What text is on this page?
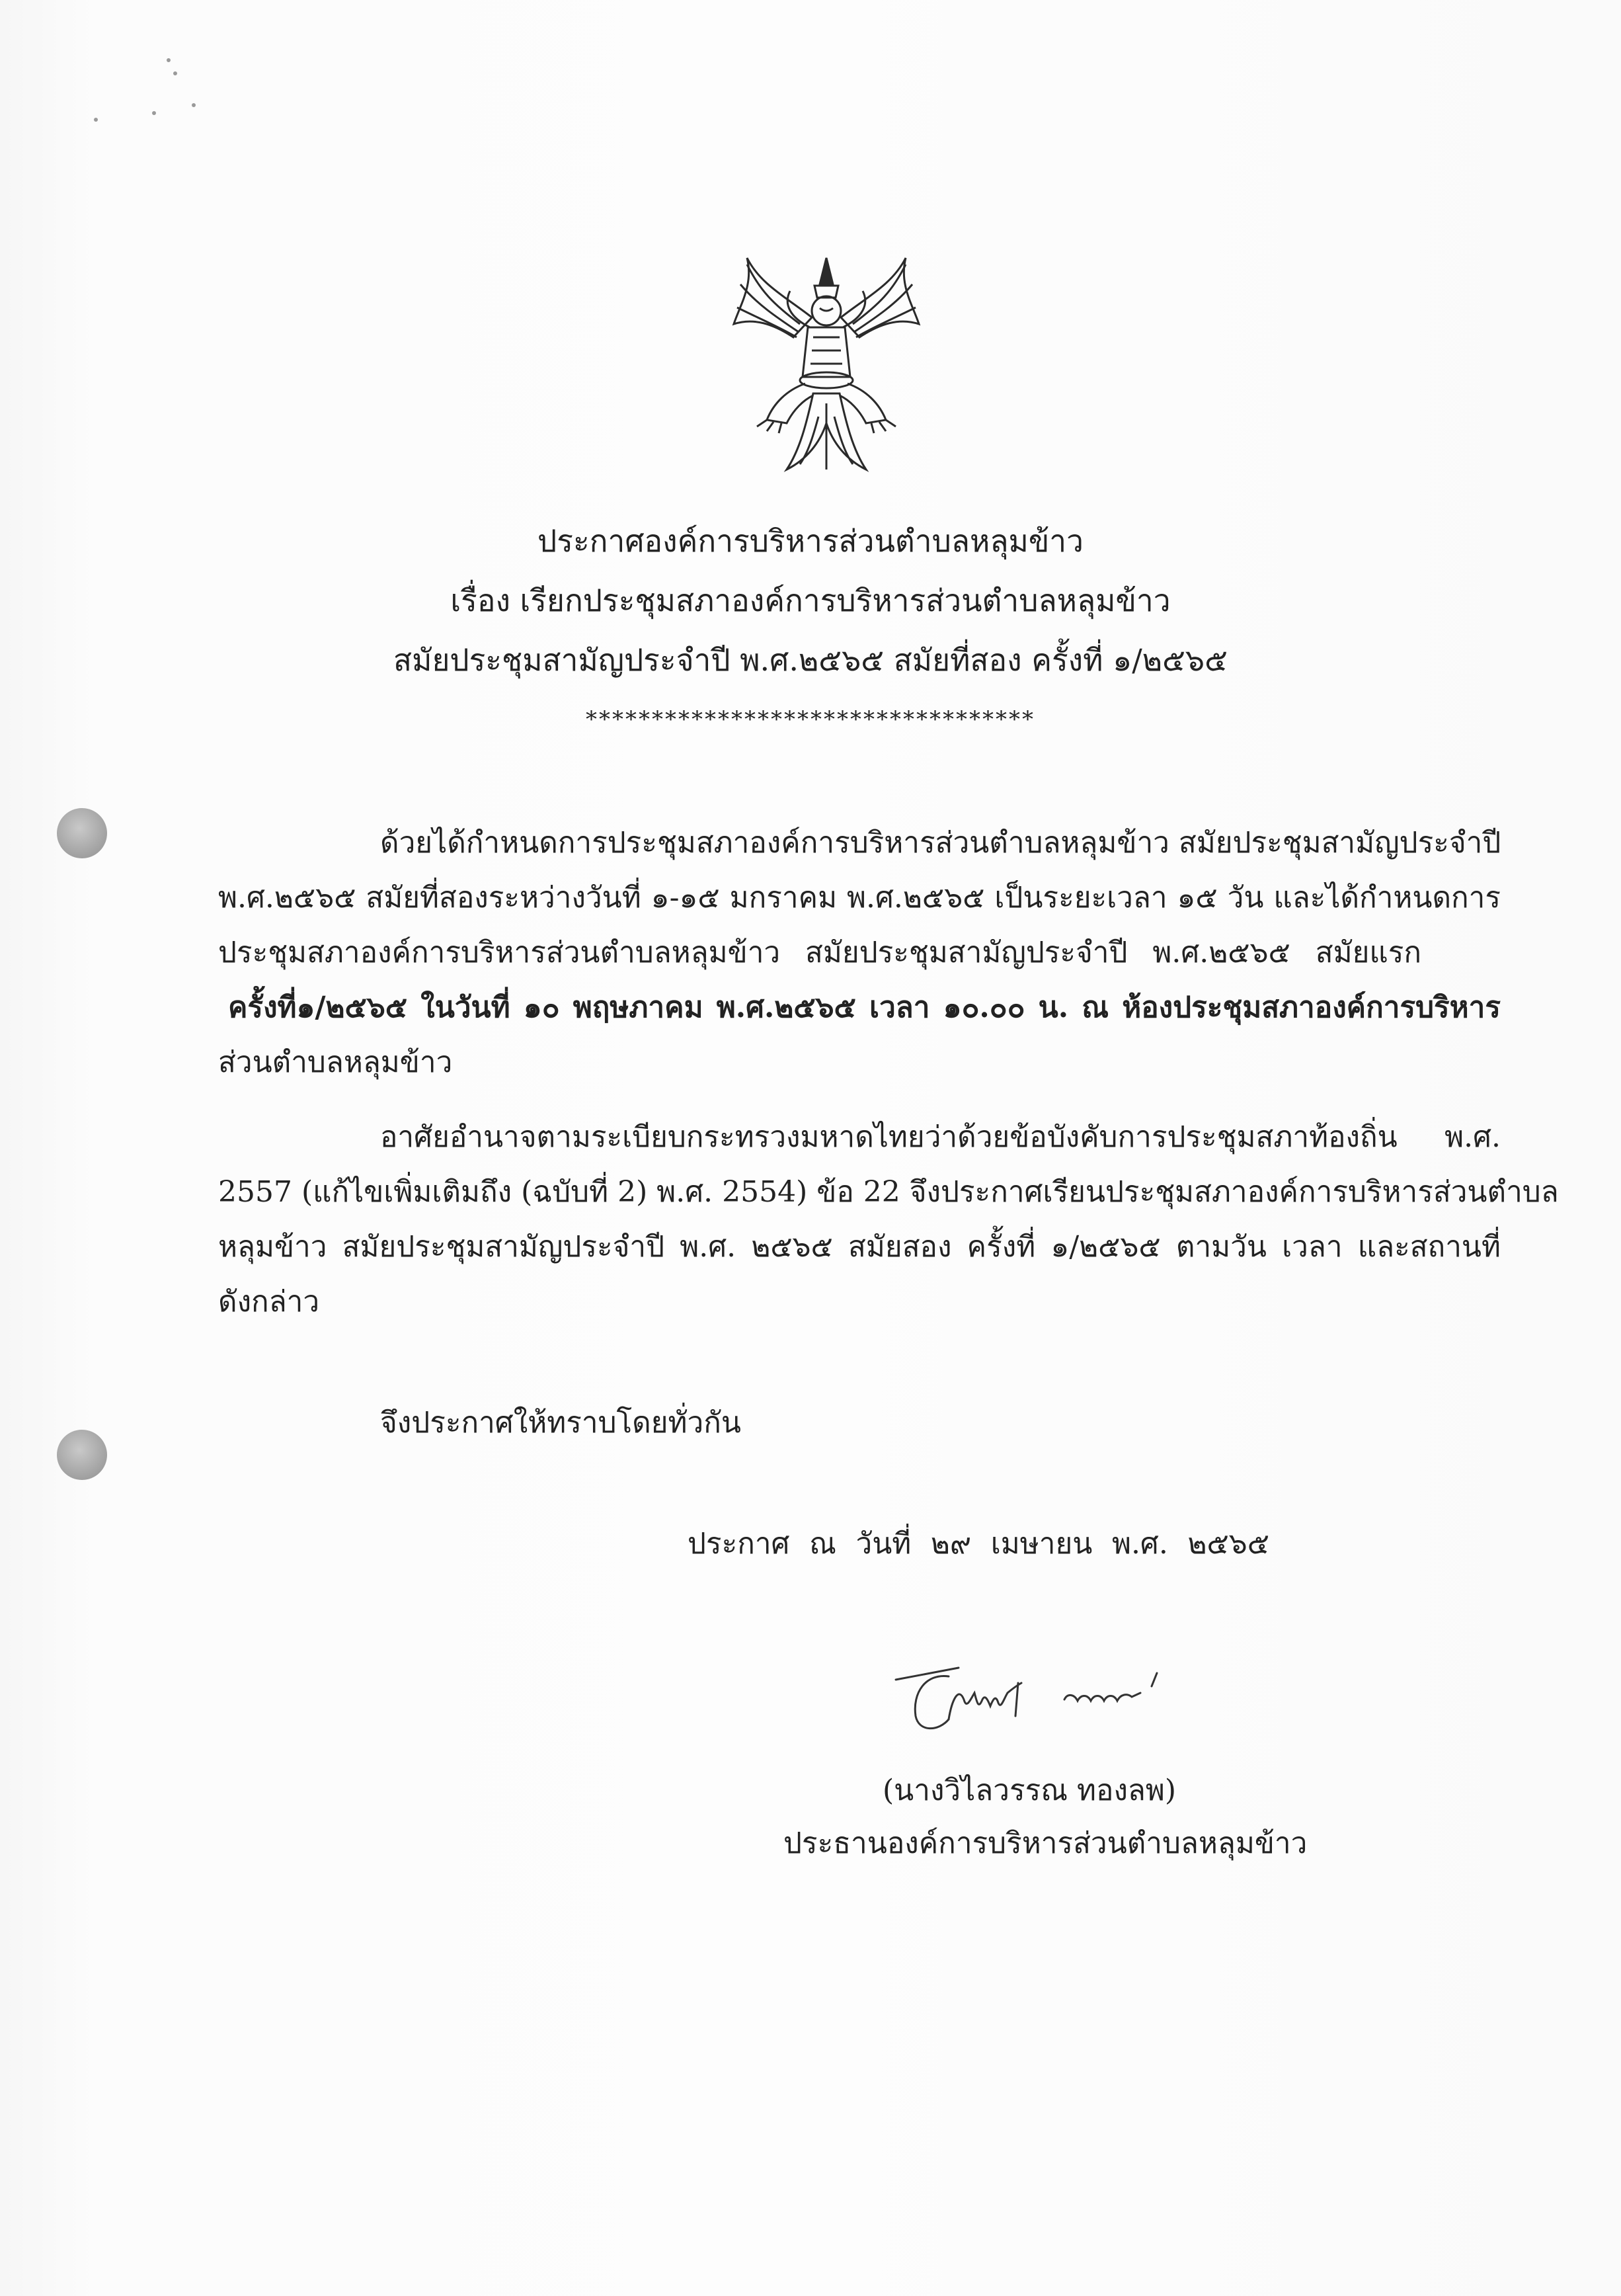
ประกาศองค์การบริหารส่วนตำบลหลุมข้าว
เรื่อง เรียกประชุมสภาองค์การบริหารส่วนตำบลหลุมข้าว
สมัยประชุมสามัญประจำปี พ.ศ.๒๕๖๕ สมัยที่สอง ครั้งที่ ๑/๒๕๖๕
**********************************
ด้วยได้กำหนดการประชุมสภาองค์การบริหารส่วนตำบลหลุมข้าว สมัยประชุมสามัญประจำปี
พ.ศ.๒๕๖๕ สมัยที่สองระหว่างวันที่ ๑-๑๕ มกราคม พ.ศ.๒๕๖๕ เป็นระยะเวลา ๑๕ วัน และได้กำหนดการ
ประชุมสภาองค์การบริหารส่วนตำบลหลุมข้าว สมัยประชุมสามัญประจำปี พ.ศ.๒๕๖๕ สมัยแรก
ครั้งที่๑/๒๕๖๕ ในวันที่ ๑๐ พฤษภาคม พ.ศ.๒๕๖๕ เวลา ๑๐.๐๐ น. ณ ห้องประชุมสภาองค์การบริหาร
ส่วนตำบลหลุมข้าว
อาศัยอำนาจตามระเบียบกระทรวงมหาดไทยว่าด้วยข้อบังคับการประชุมสภาท้องถิ่น พ.ศ.
2557 (แก้ไขเพิ่มเติมถึง (ฉบับที่ 2) พ.ศ. 2554) ข้อ 22 จึงประกาศเรียนประชุมสภาองค์การบริหารส่วนตำบล
หลุมข้าว สมัยประชุมสามัญประจำปี พ.ศ. ๒๕๖๕ สมัยสอง ครั้งที่ ๑/๒๕๖๕ ตามวัน เวลา และสถานที่
ดังกล่าว
จึงประกาศให้ทราบโดยทั่วกัน
ประกาศ ณ วันที่ ๒๙ เมษายน พ.ศ. ๒๕๖๕
(นางวิไลวรรณ ทองลพ)
ประธานองค์การบริหารส่วนตำบลหลุมข้าว
